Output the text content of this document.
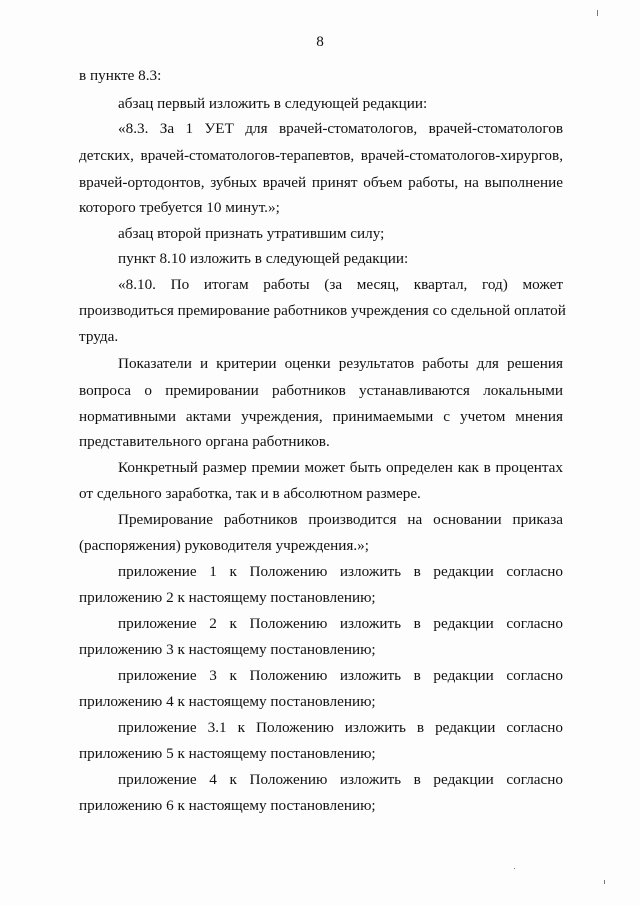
8
в пункте 8.3:
абзац первый изложить в следующей редакции:
«8.3. За 1 УЕТ для врачей-стоматологов, врачей-стоматологов
детских, врачей-стоматологов-терапевтов, врачей-стоматологов-хирургов,
врачей-ортодонтов, зубных врачей принят объем работы, на выполнение
которого требуется 10 минут.»;
абзац второй признать утратившим силу;
пункт 8.10 изложить в следующей редакции:
«8.10. По итогам работы (за месяц, квартал, год) может
производиться премирование работников учреждения со сдельной оплатой
труда.
Показатели и критерии оценки результатов работы для решения
вопроса о премировании работников устанавливаются локальными
нормативными актами учреждения, принимаемыми с учетом мнения
представительного органа работников.
Конкретный размер премии может быть определен как в процентах
от сдельного заработка, так и в абсолютном размере.
Премирование работников производится на основании приказа
(распоряжения) руководителя учреждения.»;
приложение 1 к Положению изложить в редакции согласно
приложению 2 к настоящему постановлению;
приложение 2 к Положению изложить в редакции согласно
приложению 3 к настоящему постановлению;
приложение 3 к Положению изложить в редакции согласно
приложению 4 к настоящему постановлению;
приложение 3.1 к Положению изложить в редакции согласно
приложению 5 к настоящему постановлению;
приложение 4 к Положению изложить в редакции согласно
приложению 6 к настоящему постановлению;
